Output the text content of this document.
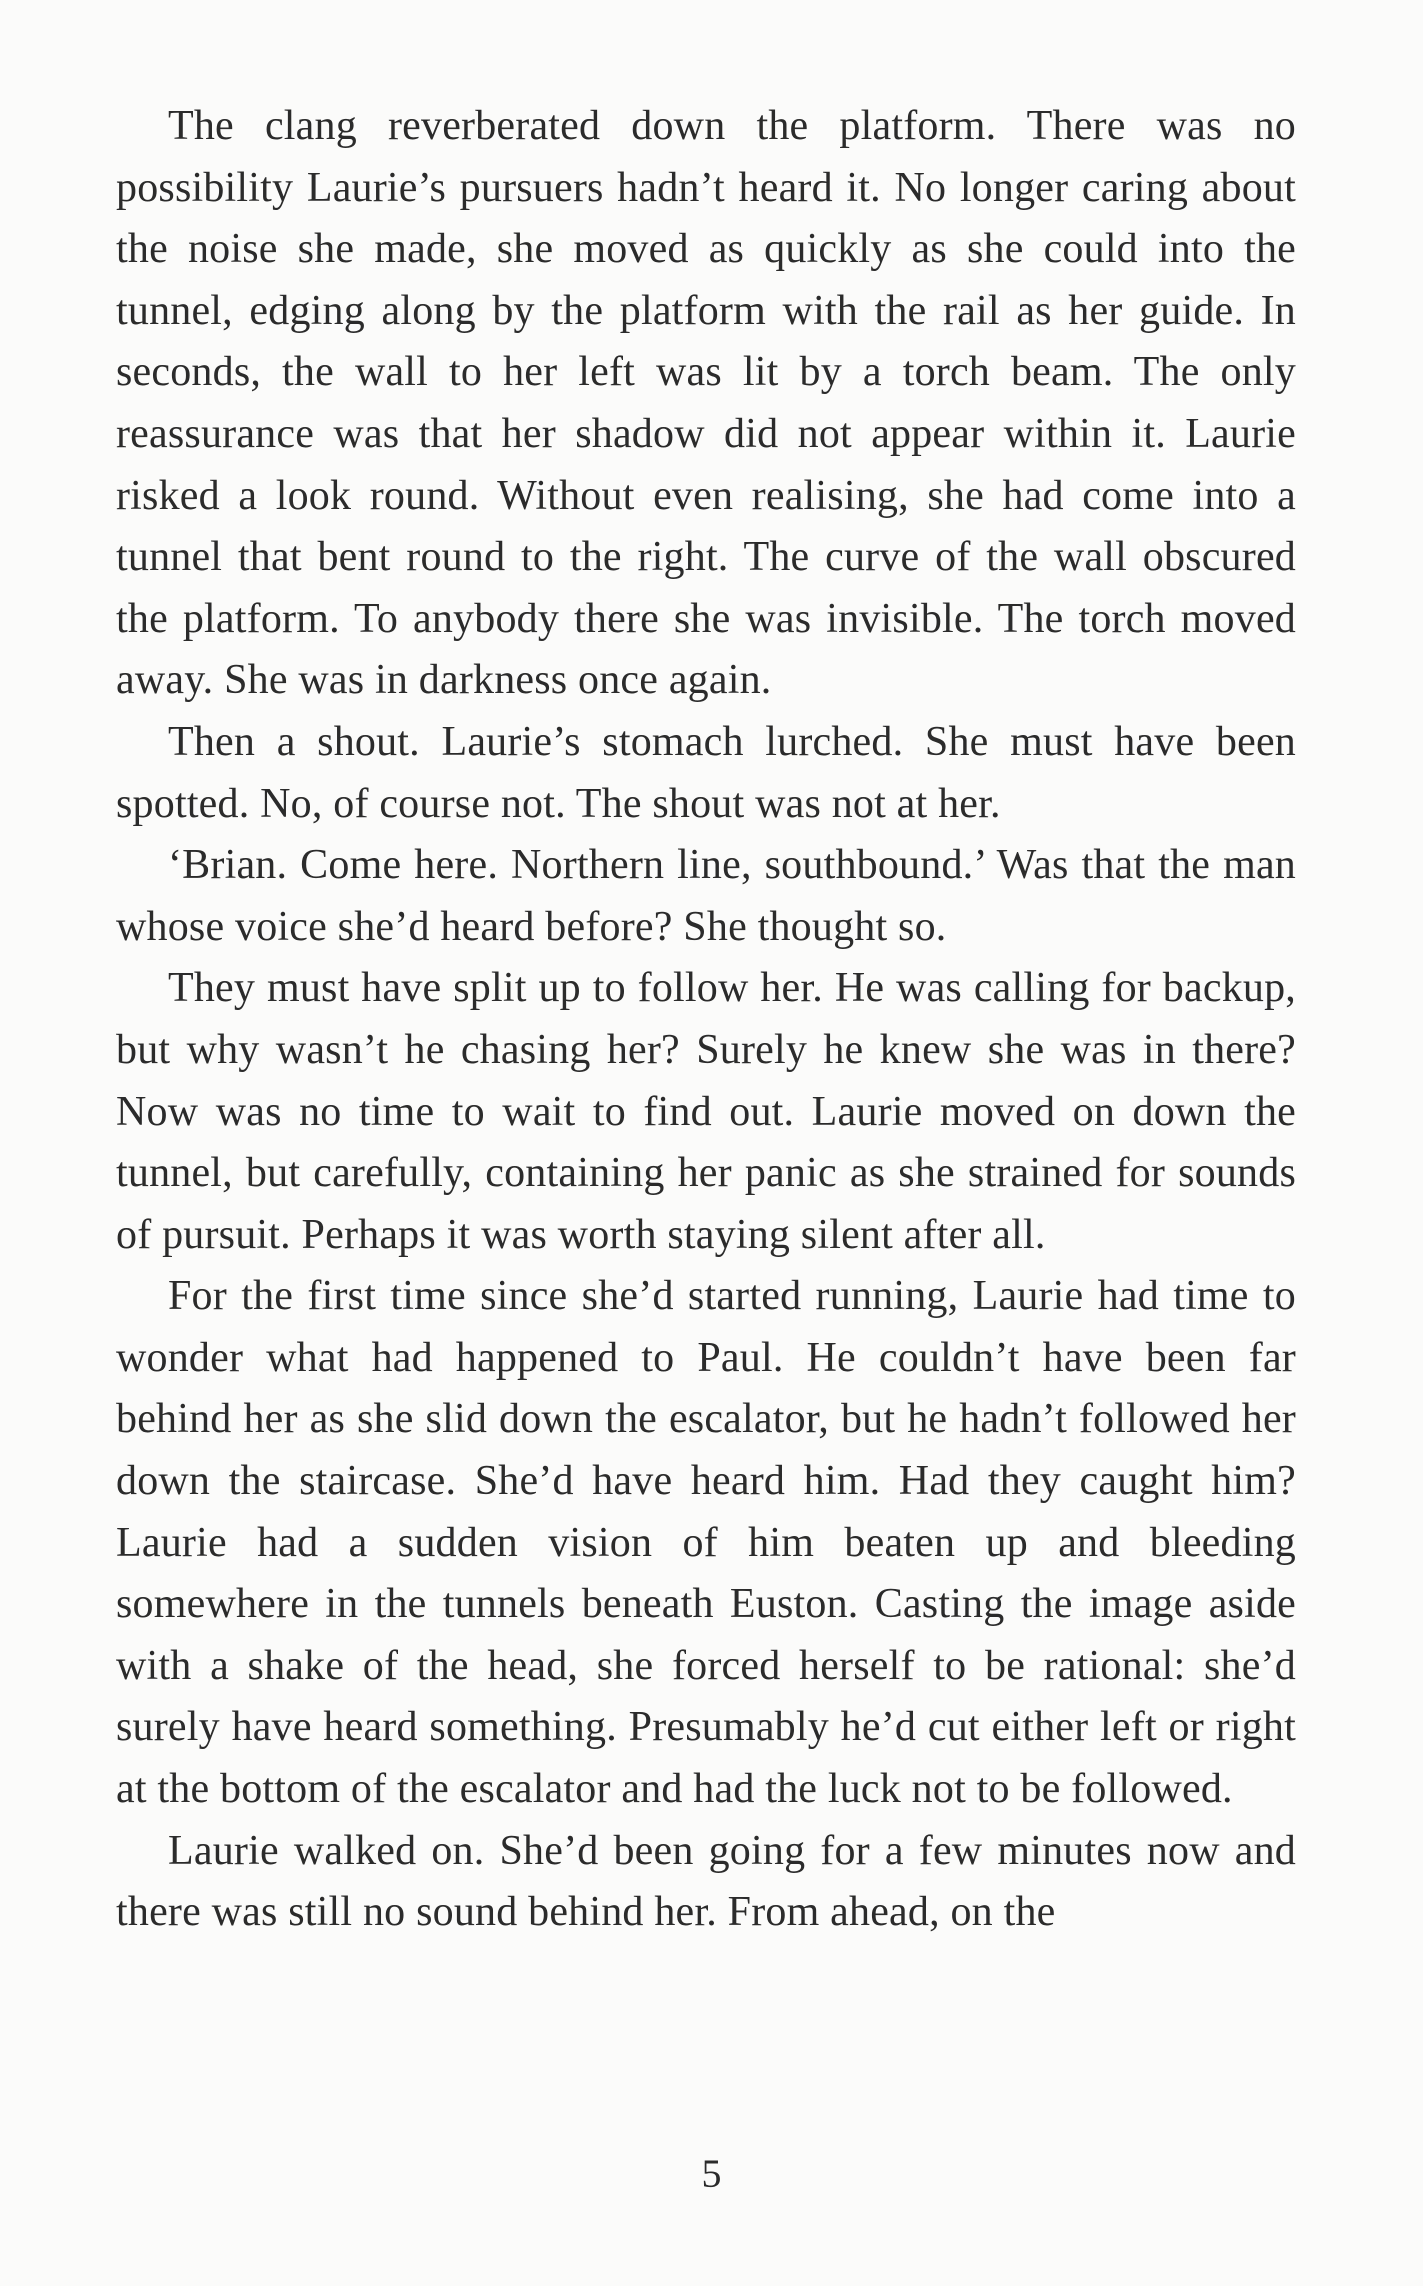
The clang reverberated down the platform. There was no possibility Laurie’s pursuers hadn’t heard it. No longer caring about the noise she made, she moved as quickly as she could into the tunnel, edging along by the platform with the rail as her guide. In seconds, the wall to her left was lit by a torch beam. The only reassurance was that her shadow did not appear within it. Laurie risked a look round. Without even realising, she had come into a tunnel that bent round to the right. The curve of the wall obscured the platform. To anybody there she was invisible. The torch moved away. She was in darkness once again.

Then a shout. Laurie’s stomach lurched. She must have been spotted. No, of course not. The shout was not at her.

‘Brian. Come here. Northern line, southbound.’ Was that the man whose voice she’d heard before? She thought so.

They must have split up to follow her. He was calling for backup, but why wasn’t he chasing her? Surely he knew she was in there? Now was no time to wait to find out. Laurie moved on down the tunnel, but carefully, containing her panic as she strained for sounds of pursuit. Perhaps it was worth staying silent after all.

For the first time since she’d started running, Laurie had time to wonder what had happened to Paul. He couldn’t have been far behind her as she slid down the escalator, but he hadn’t followed her down the staircase. She’d have heard him. Had they caught him? Laurie had a sudden vision of him beaten up and bleeding somewhere in the tunnels beneath Euston. Casting the image aside with a shake of the head, she forced herself to be rational: she’d surely have heard something. Presumably he’d cut either left or right at the bottom of the escalator and had the luck not to be followed.

Laurie walked on. She’d been going for a few minutes now and there was still no sound behind her. From ahead, on the

5
